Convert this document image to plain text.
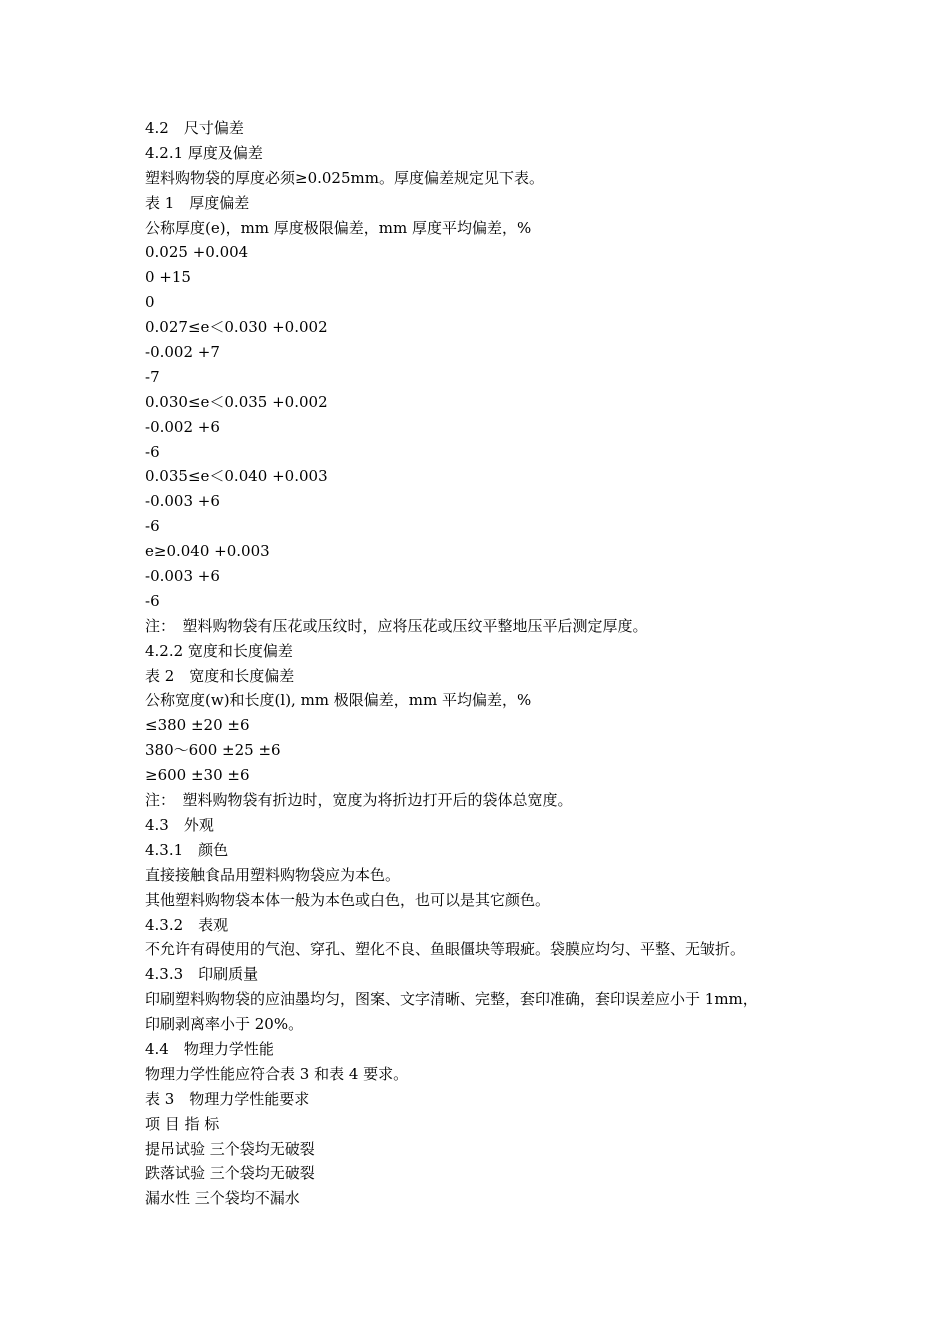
4.2　尺寸偏差
4.2.1 厚度及偏差
塑料购物袋的厚度必须≥0.025mm。厚度偏差规定见下表。
表 1　厚度偏差
公称厚度(e)，mm 厚度极限偏差，mm 厚度平均偏差，%
0.025 +0.004
0 +15
0
0.027≤e＜0.030 +0.002
-0.002 +7
-7
0.030≤e＜0.035 +0.002
-0.002 +6
-6
0.035≤e＜0.040 +0.003
-0.003 +6
-6
e≥0.040 +0.003
-0.003 +6
-6
注：　塑料购物袋有压花或压纹时，应将压花或压纹平整地压平后测定厚度。
4.2.2 宽度和长度偏差
表 2　宽度和长度偏差
公称宽度(w)和长度(l), mm 极限偏差，mm 平均偏差，%
≤380 ±20 ±6
380～600 ±25 ±6
≥600 ±30 ±6
注：　塑料购物袋有折边时，宽度为将折边打开后的袋体总宽度。
4.3　外观
4.3.1　颜色
直接接触食品用塑料购物袋应为本色。
其他塑料购物袋本体一般为本色或白色，也可以是其它颜色。
4.3.2　表观
不允许有碍使用的气泡、穿孔、塑化不良、鱼眼僵块等瑕疵。袋膜应均匀、平整、无皱折。
4.3.3　印刷质量
印刷塑料购物袋的应油墨均匀，图案、文字清晰、完整，套印准确，套印误差应小于 1mm，
印刷剥离率小于 20%。
4.4　物理力学性能
物理力学性能应符合表 3 和表 4 要求。
表 3　物理力学性能要求
项 目 指 标
提吊试验 三个袋均无破裂
跌落试验 三个袋均无破裂
漏水性 三个袋均不漏水
